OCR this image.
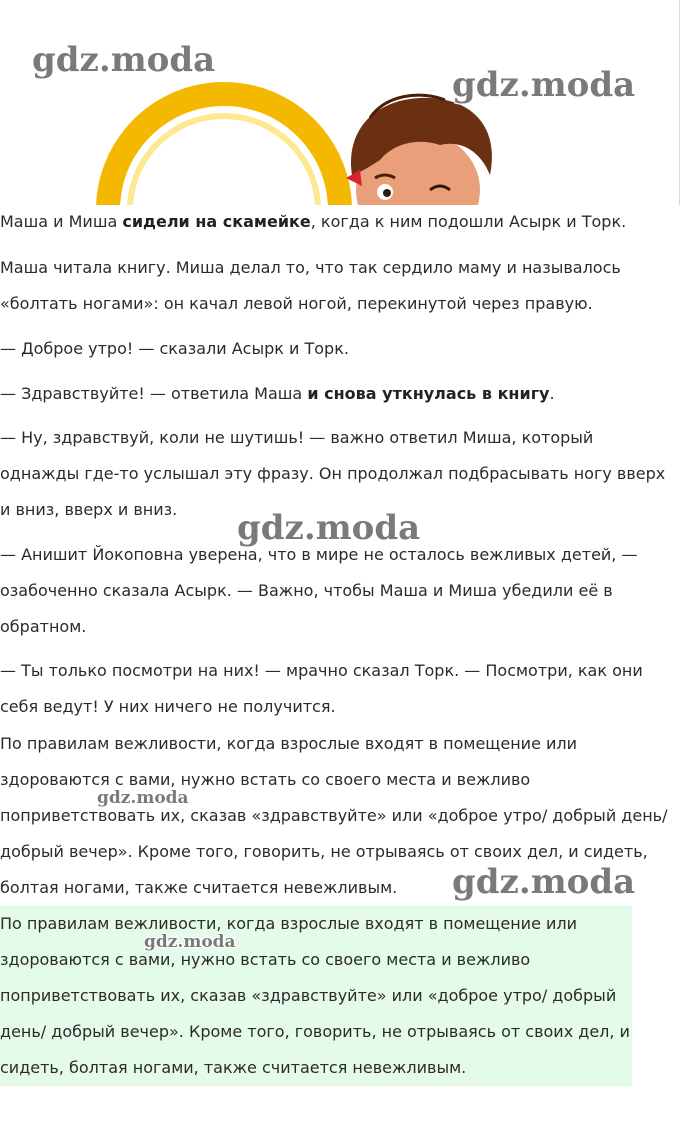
gdz.moda
gdz.moda
gdz.moda
gdz.moda
gdz.moda
gdz.moda

Маша и Миша сидели на скамейке, когда к ним подошли Асырк и Торк.

Маша читала книгу. Миша делал то, что так сердило маму и называлось «болтать ногами»: он качал левой ногой, перекинутой через правую.

— Доброе утро! — сказали Асырк и Торк.

— Здравствуйте! — ответила Маша и снова уткнулась в книгу.

— Ну, здравствуй, коли не шутишь! — важно ответил Миша, который однажды где-то услышал эту фразу. Он продолжал подбрасывать ногу вверх и вниз, вверх и вниз.

— Анишит Йокоповна уверена, что в мире не осталось вежливых детей, — озабоченно сказала Асырк. — Важно, чтобы Маша и Миша убедили её в обратном.

— Ты только посмотри на них! — мрачно сказал Торк. — Посмотри, как они себя ведут! У них ничего не получится.

По правилам вежливости, когда взрослые входят в помещение или здороваются с вами, нужно встать со своего места и вежливо поприветствовать их, сказав «здравствуйте» или «доброе утро/ добрый день/ добрый вечер». Кроме того, говорить, не отрываясь от своих дел, и сидеть, болтая ногами, также считается невежливым.

По правилам вежливости, когда взрослые входят в помещение или здороваются с вами, нужно встать со своего места и вежливо поприветствовать их, сказав «здравствуйте» или «доброе утро/ добрый день/ добрый вечер». Кроме того, говорить, не отрываясь от своих дел, и сидеть, болтая ногами, также считается невежливым.
